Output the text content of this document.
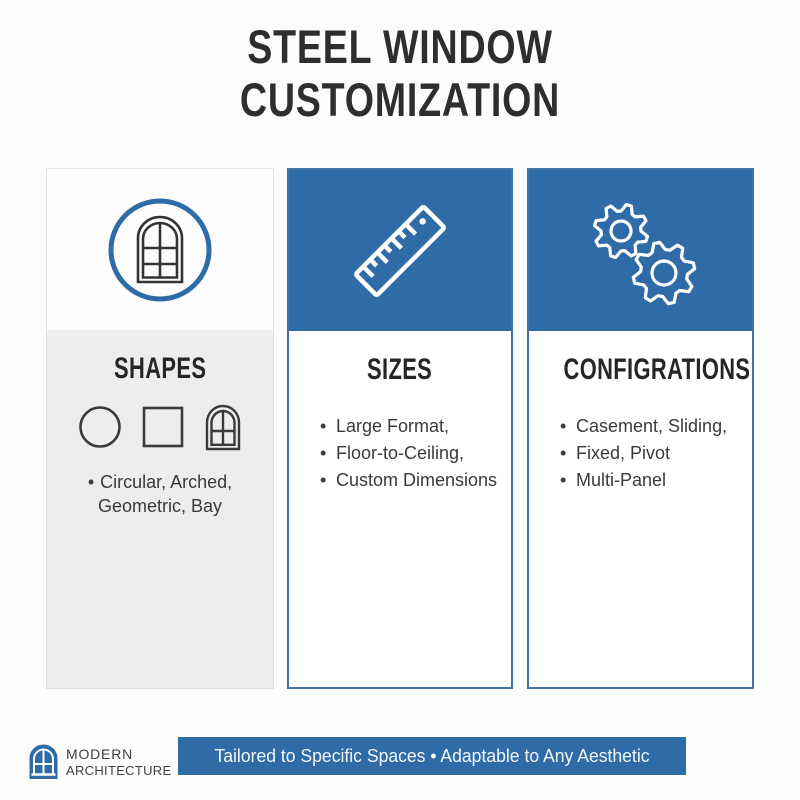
STEEL WINDOW
CUSTOMIZATION
SHAPES
• Circular, Arched,
Geometric, Bay
SIZES
• Large Format,
• Floor-to-Ceiling,
• Custom Dimensions
CONFIGRATIONS
• Casement, Sliding,
• Fixed, Pivot
• Multi-Panel
MODERN
ARCHITECTURE
Tailored to Specific Spaces • Adaptable to Any Aesthetic
